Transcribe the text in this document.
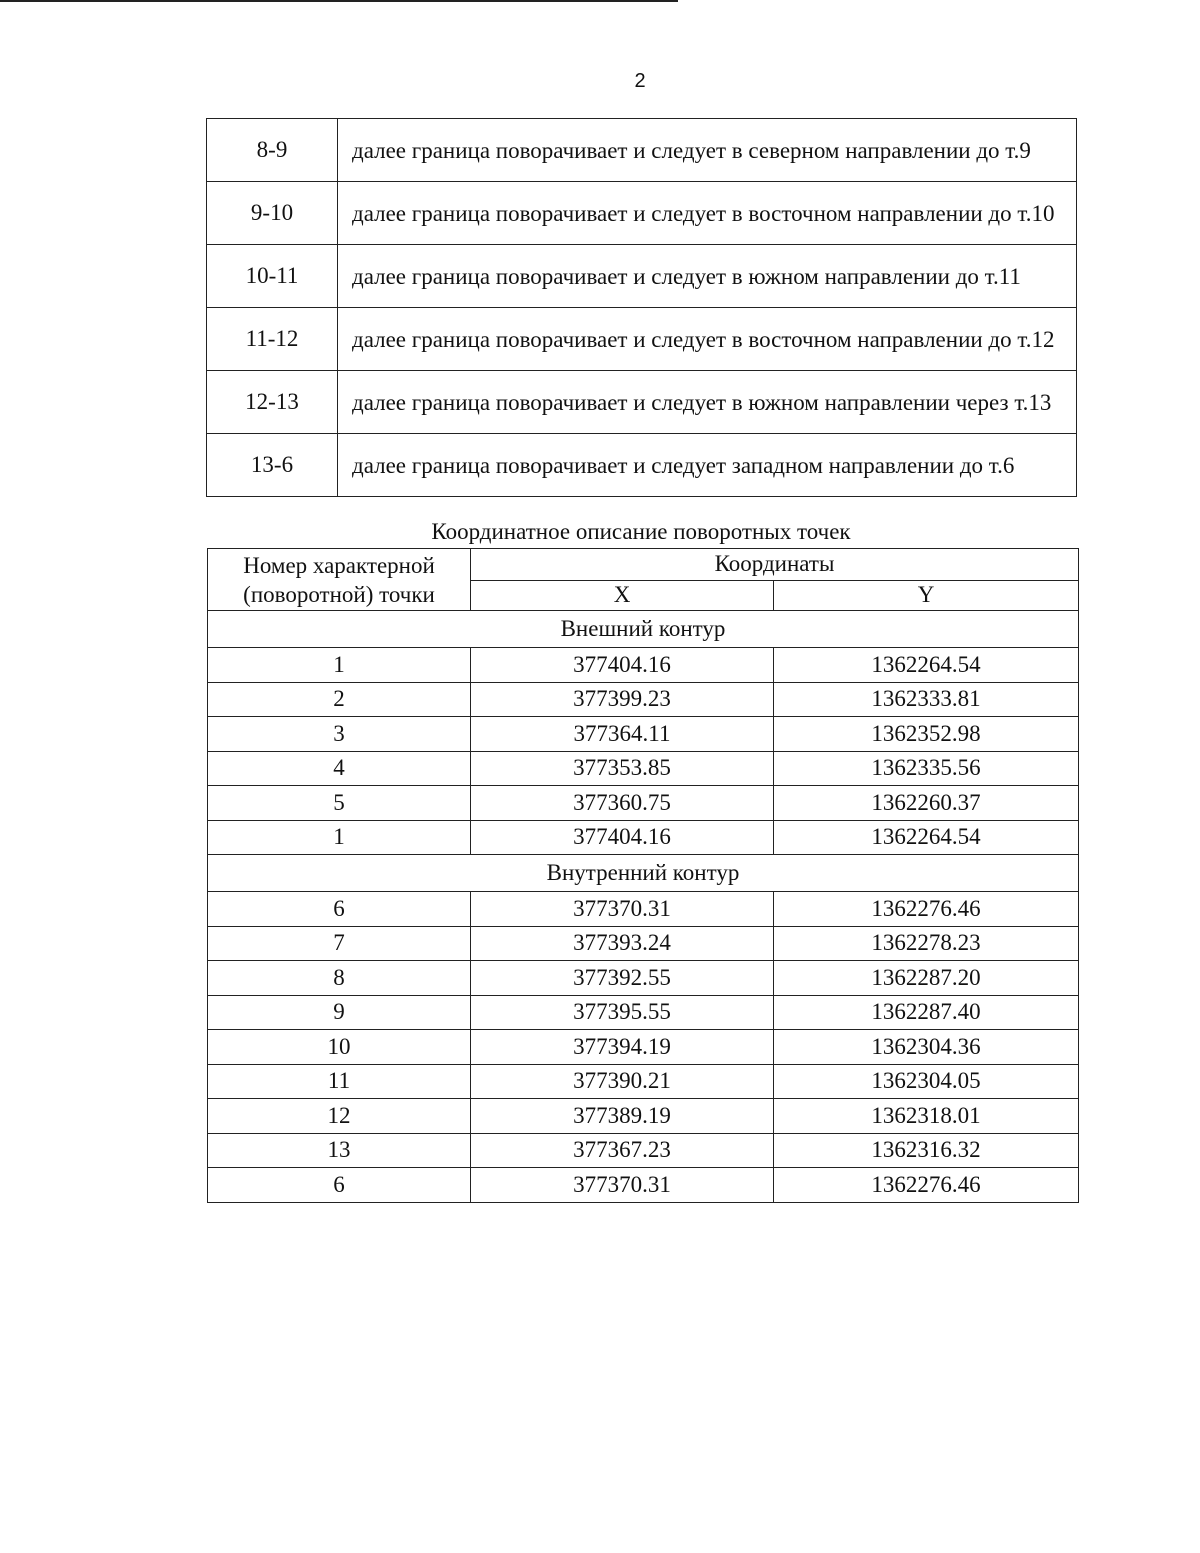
2
8-9	далее граница поворачивает и следует в северном направлении до т.9
9-10	далее граница поворачивает и следует в восточном направлении до т.10
10-11	далее граница поворачивает и следует в южном направлении до т.11
11-12	далее граница поворачивает и следует в восточном направлении до т.12
12-13	далее граница поворачивает и следует в южном направлении через т.13
13-6	далее граница поворачивает и следует западном направлении до т.6
Координатное описание поворотных точек
Номер характерной
(поворотной) точки	Координаты	
	X	Y
Внешний контур		
1	377404.16	1362264.54
2	377399.23	1362333.81
3	377364.11	1362352.98
4	377353.85	1362335.56
5	377360.75	1362260.37
1	377404.16	1362264.54
Внутренний контур		
6	377370.31	1362276.46
7	377393.24	1362278.23
8	377392.55	1362287.20
9	377395.55	1362287.40
10	377394.19	1362304.36
11	377390.21	1362304.05
12	377389.19	1362318.01
13	377367.23	1362316.32
6	377370.31	1362276.46
